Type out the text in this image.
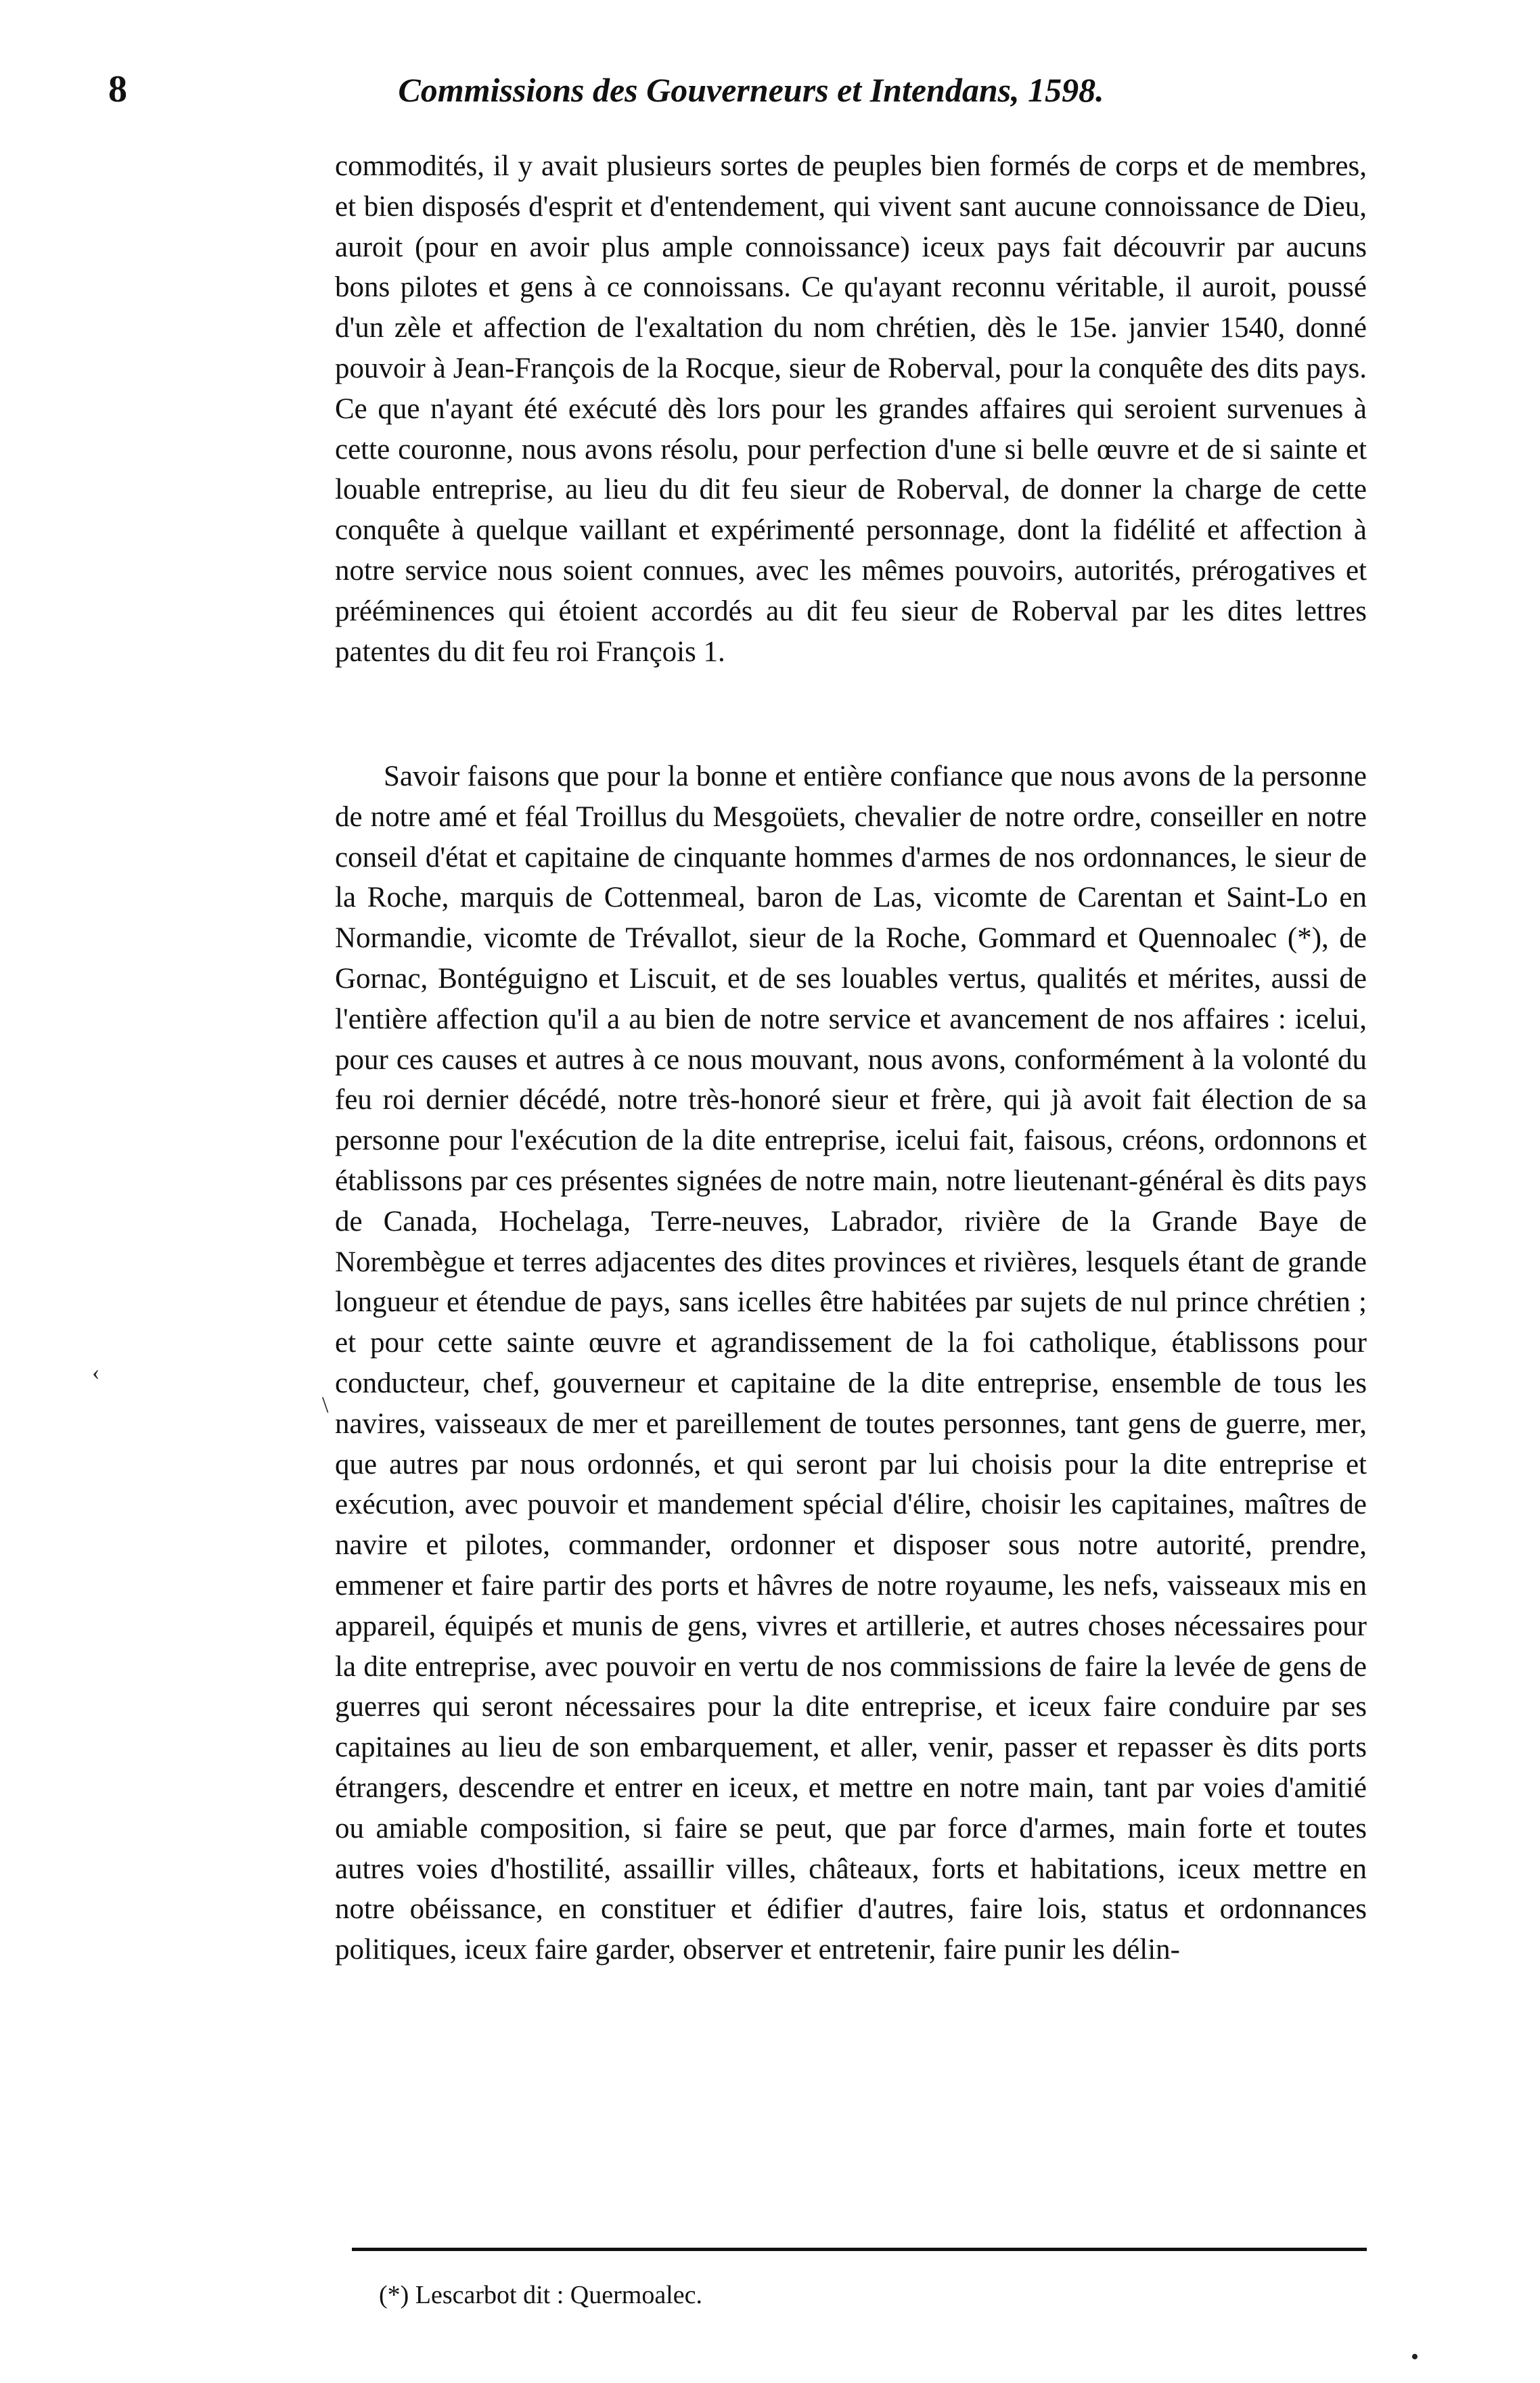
8	Commissions des Gouverneurs et Intendans, 1598.

commodités, il y avait plusieurs sortes de peuples bien formés de corps et de membres, et bien disposés d'esprit et d'entendement, qui vivent sant aucune connoissance de Dieu, auroit (pour en avoir plus ample connoissance) iceux pays fait découvrir par aucuns bons pilotes et gens à ce connoissans. Ce qu'ayant reconnu véritable, il auroit, poussé d'un zèle et affection de l'exaltation du nom chrétien, dès le 15e. janvier 1540, donné pouvoir à Jean-François de la Rocque, sieur de Roberval, pour la conquête des dits pays. Ce que n'ayant été exécuté dès lors pour les grandes affaires qui seroient survenues à cette couronne, nous avons résolu, pour perfection d'une si belle œuvre et de si sainte et louable entreprise, au lieu du dit feu sieur de Roberval, de donner la charge de cette conquête à quelque vaillant et expérimenté personnage, dont la fidélité et affection à notre service nous soient connues, avec les mêmes pouvoirs, autorités, prérogatives et prééminences qui étoient accordés au dit feu sieur de Roberval par les dites lettres patentes du dit feu roi François 1.

Savoir faisons que pour la bonne et entière confiance que nous avons de la personne de notre amé et féal Troillus du Mesgoüets, chevalier de notre ordre, conseiller en notre conseil d'état et capitaine de cinquante hommes d'armes de nos ordonnances, le sieur de la Roche, marquis de Cottenmeal, baron de Las, vicomte de Carentan et Saint-Lo en Normandie, vicomte de Trévallot, sieur de la Roche, Gommard et Quennoalec (*), de Gornac, Bontéguigno et Liscuit, et de ses louables vertus, qualités et mérites, aussi de l'entière affection qu'il a au bien de notre service et avancement de nos affaires : icelui, pour ces causes et autres à ce nous mouvant, nous avons, conformément à la volonté du feu roi dernier décédé, notre très-honoré sieur et frère, qui jà avoit fait élection de sa personne pour l'exécution de la dite entreprise, icelui fait, faisous, créons, ordonnons et établissons par ces présentes signées de notre main, notre lieutenant-général ès dits pays de Canada, Hochelaga, Terre-neuves, Labrador, rivière de la Grande Baye de Norembègue et terres adjacentes des dites provinces et rivières, lesquels étant de grande longueur et étendue de pays, sans icelles être habitées par sujets de nul prince chrétien ; et pour cette sainte œuvre et agrandissement de la foi catholique, établissons pour conducteur, chef, gouverneur et capitaine de la dite entreprise, ensemble de tous les navires, vaisseaux de mer et pareillement de toutes personnes, tant gens de guerre, mer, que autres par nous ordonnés, et qui seront par lui choisis pour la dite entreprise et exécution, avec pouvoir et mandement spécial d'élire, choisir les capitaines, maîtres de navire et pilotes, commander, ordonner et disposer sous notre autorité, prendre, emmener et faire partir des ports et hâvres de notre royaume, les nefs, vaisseaux mis en appareil, équipés et munis de gens, vivres et artillerie, et autres choses nécessaires pour la dite entreprise, avec pouvoir en vertu de nos commissions de faire la levée de gens de guerres qui seront nécessaires pour la dite entreprise, et iceux faire conduire par ses capitaines au lieu de son embarquement, et aller, venir, passer et repasser ès dits ports étrangers, descendre et entrer en iceux, et mettre en notre main, tant par voies d'amitié ou amiable composition, si faire se peut, que par force d'armes, main forte et toutes autres voies d'hostilité, assaillir villes, châteaux, forts et habitations, iceux mettre en notre obéissance, en constituer et édifier d'autres, faire lois, status et ordonnances politiques, iceux faire garder, observer et entretenir, faire punir les délin-

(*) Lescarbot dit : Quermoalec.
‹
\
•
